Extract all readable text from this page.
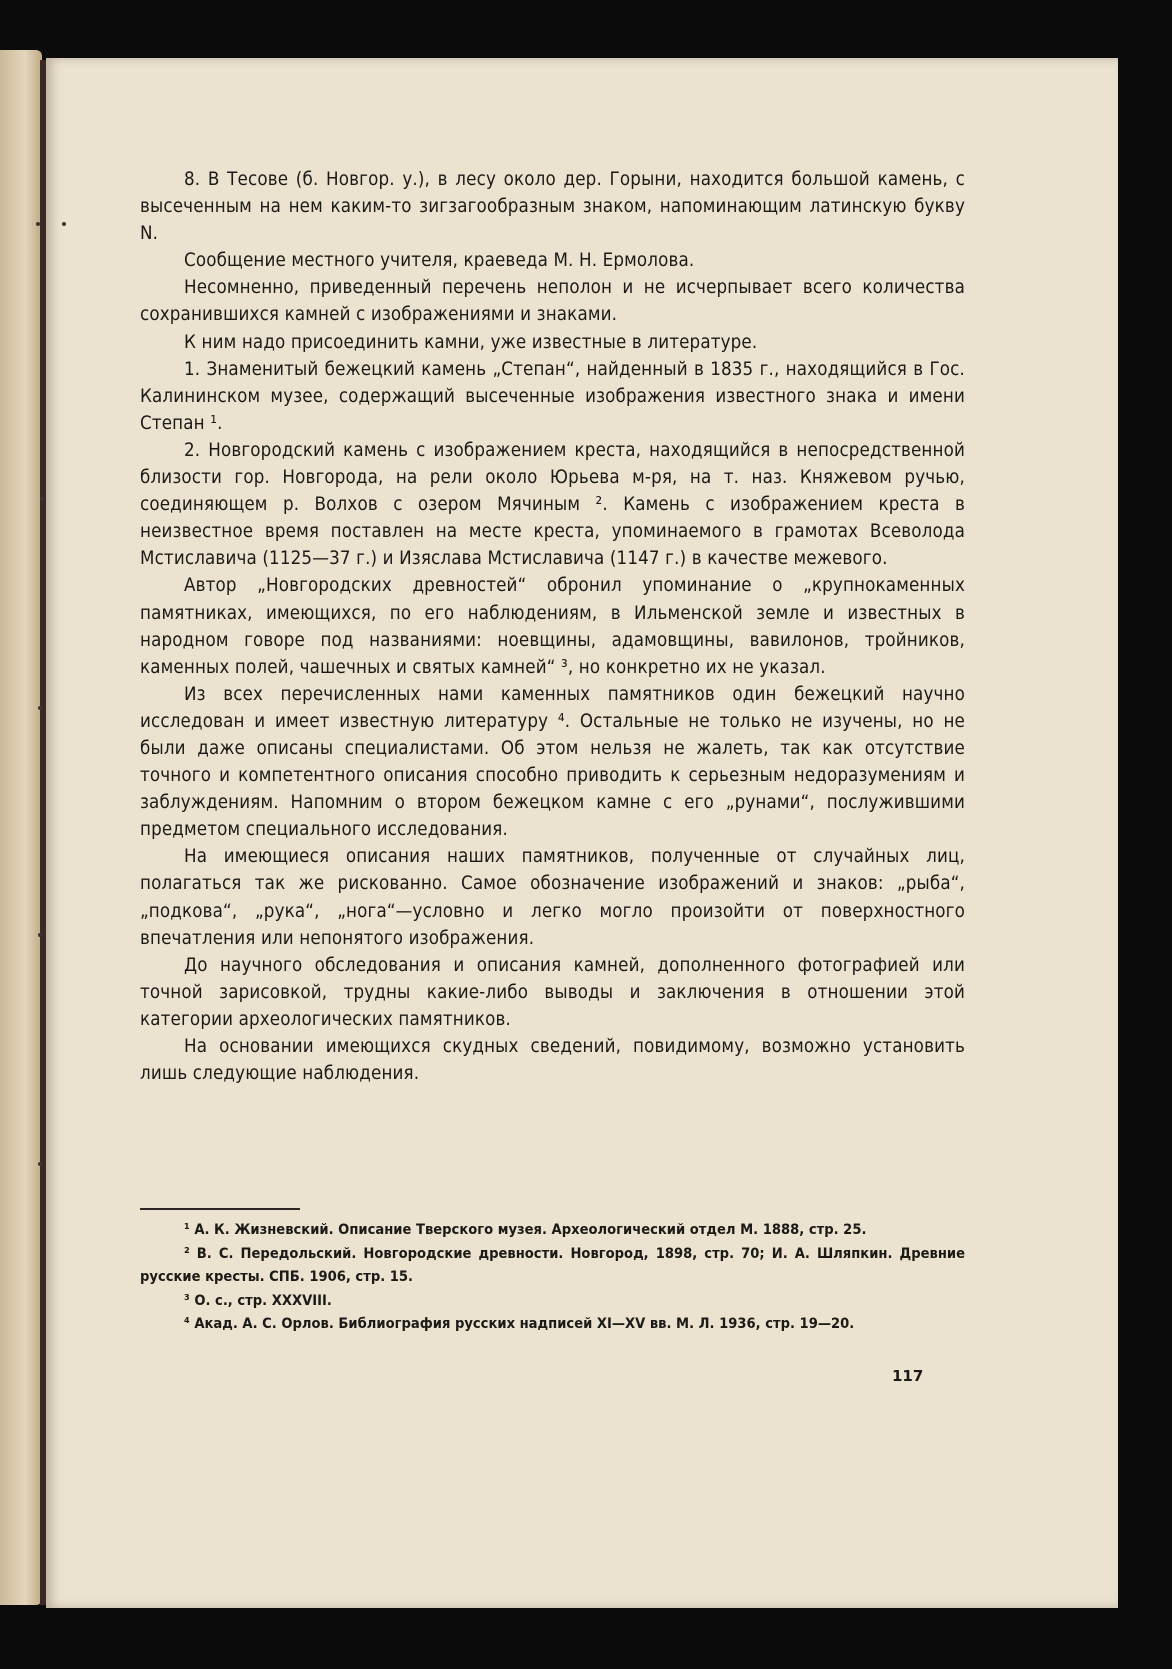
8. В Тесове (б. Новгор. у.), в лесу около дер. Горыни, находится большой камень, с высеченным на нем каким-то зигзагообразным знаком, напоминающим латинскую букву N.

Сообщение местного учителя, краеведа М. Н. Ермолова.

Несомненно, приведенный перечень неполон и не исчерпывает всего количества сохранившихся камней с изображениями и знаками.

К ним надо присоединить камни, уже известные в литературе.

1. Знаменитый бежецкий камень „Степан“, найденный в 1835 г., находящийся в Гос. Калининском музее, содержащий высеченные изображения известного знака и имени Степан ¹.

2. Новгородский камень с изображением креста, находящийся в непосредственной близости гор. Новгорода, на рели около Юрьева м-ря, на т. наз. Княжевом ручью, соединяющем р. Волхов с озером Мячиным ². Камень с изображением креста в неизвестное время поставлен на месте креста, упоминаемого в грамотах Всеволода Мстиславича (1125—37 г.) и Изяслава Мстиславича (1147 г.) в качестве межевого.

Автор „Новгородских древностей“ обронил упоминание о „крупнокаменных памятниках, имеющихся, по его наблюдениям, в Ильменской земле и известных в народном говоре под названиями: ноевщины, адамовщины, вавилонов, тройников, каменных полей, чашечных и святых камней“ ³, но конкретно их не указал.

Из всех перечисленных нами каменных памятников один бежецкий научно исследован и имеет известную литературу ⁴. Остальные не только не изучены, но не были даже описаны специалистами. Об этом нельзя не жалеть, так как отсутствие точного и компетентного описания способно приводить к серьезным недоразумениям и заблуждениям. Напомним о втором бежецком камне с его „рунами“, послужившими предметом специального исследования.

На имеющиеся описания наших памятников, полученные от случайных лиц, полагаться так же рискованно. Самое обозначение изображений и знаков: „рыба“, „подкова“, „рука“, „нога“—условно и легко могло произойти от поверхностного впечатления или непонятого изображения.

До научного обследования и описания камней, дополненного фотографией или точной зарисовкой, трудны какие-либо выводы и заключения в отношении этой категории археологических памятников.

На основании имеющихся скудных сведений, повидимому, возможно установить лишь следующие наблюдения.

¹ А. К. Жизневский. Описание Тверского музея. Археологический отдел М. 1888, стр. 25.

² В. С. Передольский. Новгородские древности. Новгород, 1898, стр. 70; И. А. Шляпкин. Древние русские кресты. СПБ. 1906, стр. 15.

³ О. с., стр. XXXVIII.

⁴ Акад. А. С. Орлов. Библиография русских надписей XI—XV вв. М. Л. 1936, стр. 19—20.

117
